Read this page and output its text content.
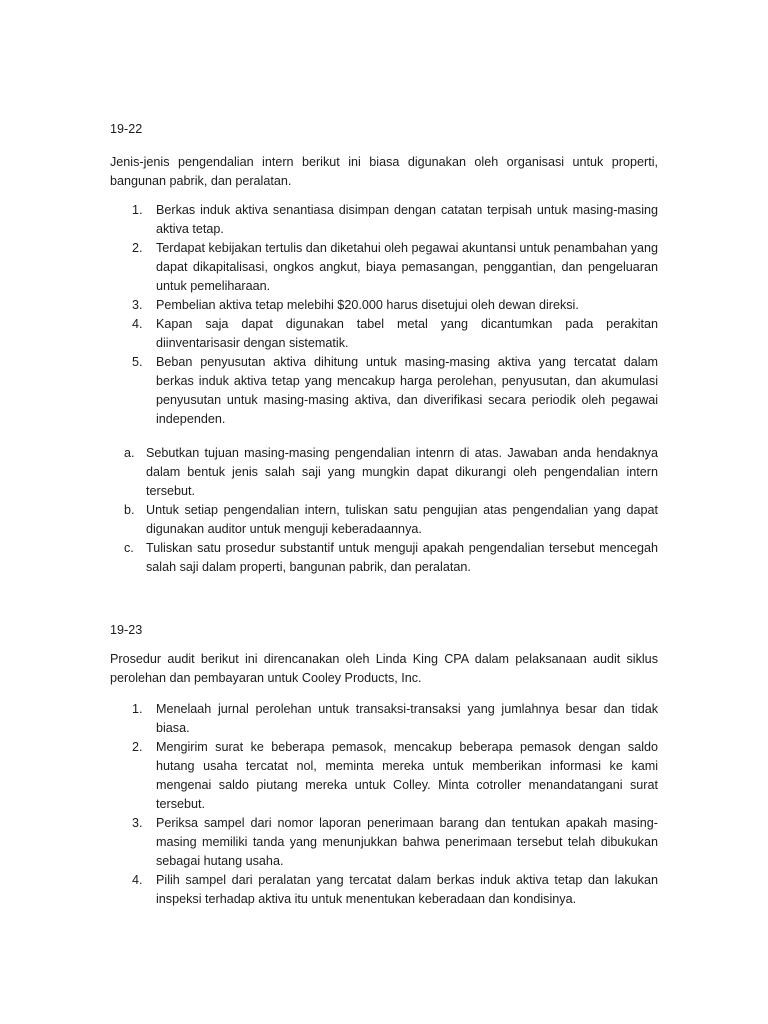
19-22
Jenis-jenis pengendalian intern berikut ini biasa digunakan oleh organisasi untuk properti, bangunan pabrik, dan peralatan.
1. Berkas induk aktiva senantiasa disimpan dengan catatan terpisah untuk masing-masing aktiva tetap.
2. Terdapat kebijakan tertulis dan diketahui oleh pegawai akuntansi untuk penambahan yang dapat dikapitalisasi, ongkos angkut, biaya pemasangan, penggantian, dan pengeluaran untuk pemeliharaan.
3. Pembelian aktiva tetap melebihi $20.000 harus disetujui oleh dewan direksi.
4. Kapan saja dapat digunakan tabel metal yang dicantumkan pada perakitan diinventarisasir dengan sistematik.
5. Beban penyusutan aktiva dihitung untuk masing-masing aktiva yang tercatat dalam berkas induk aktiva tetap yang mencakup harga perolehan, penyusutan, dan akumulasi penyusutan untuk masing-masing aktiva, dan diverifikasi secara periodik oleh pegawai independen.
a. Sebutkan tujuan masing-masing pengendalian intenrn di atas. Jawaban anda hendaknya dalam bentuk jenis salah saji yang mungkin dapat dikurangi oleh pengendalian intern tersebut.
b. Untuk setiap pengendalian intern, tuliskan satu pengujian atas pengendalian yang dapat digunakan auditor untuk menguji keberadaannya.
c. Tuliskan satu prosedur substantif untuk menguji apakah pengendalian tersebut mencegah salah saji dalam properti, bangunan pabrik, dan peralatan.
19-23
Prosedur audit berikut ini direncanakan oleh Linda King CPA dalam pelaksanaan audit siklus perolehan dan pembayaran untuk Cooley Products, Inc.
1. Menelaah jurnal perolehan untuk transaksi-transaksi yang jumlahnya besar dan tidak biasa.
2. Mengirim surat ke beberapa pemasok, mencakup beberapa pemasok dengan saldo hutang usaha tercatat nol, meminta mereka untuk memberikan informasi ke kami mengenai saldo piutang mereka untuk Colley. Minta cotroller menandatangani surat tersebut.
3. Periksa sampel dari nomor laporan penerimaan barang dan tentukan apakah masing-masing memiliki tanda yang menunjukkan bahwa penerimaan tersebut telah dibukukan sebagai hutang usaha.
4. Pilih sampel dari peralatan yang tercatat dalam berkas induk aktiva tetap dan lakukan inspeksi terhadap aktiva itu untuk menentukan keberadaan dan kondisinya.
